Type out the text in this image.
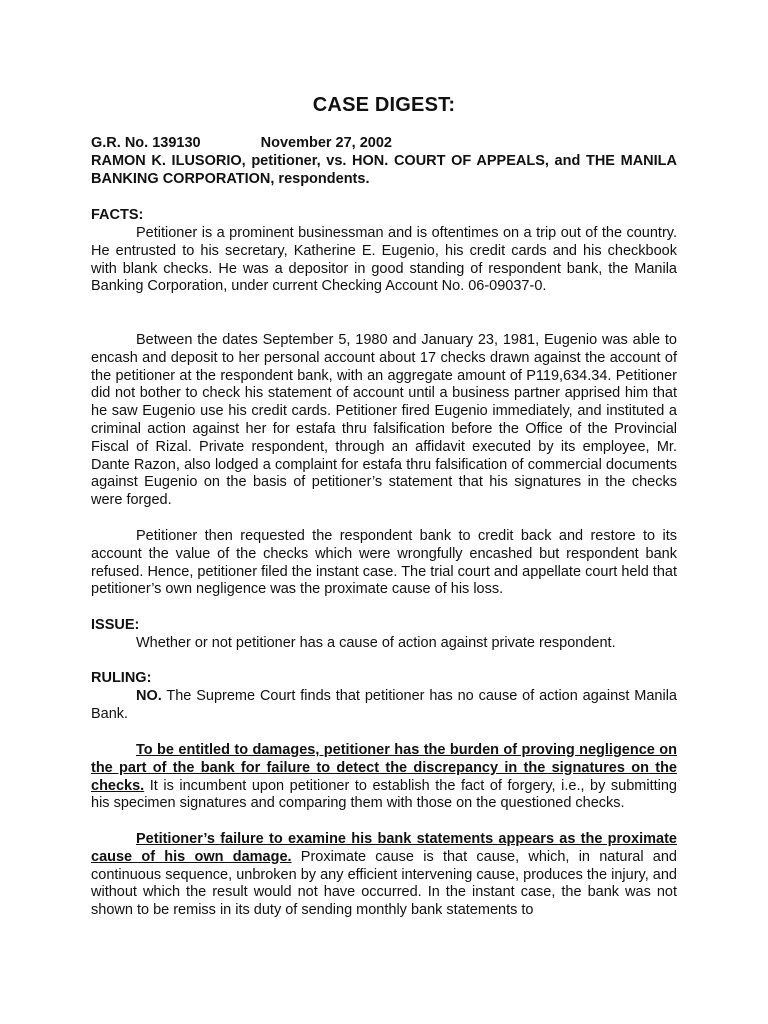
CASE DIGEST:
G.R. No. 139130	November 27, 2002
RAMON K. ILUSORIO, petitioner, vs. HON. COURT OF APPEALS, and THE MANILA BANKING CORPORATION, respondents.
FACTS:

Petitioner is a prominent businessman and is oftentimes on a trip out of the country. He entrusted to his secretary, Katherine E. Eugenio, his credit cards and his checkbook with blank checks. He was a depositor in good standing of respondent bank, the Manila Banking Corporation, under current Checking Account No. 06-09037-0.

Between the dates September 5, 1980 and January 23, 1981, Eugenio was able to encash and deposit to her personal account about 17 checks drawn against the account of the petitioner at the respondent bank, with an aggregate amount of P119,634.34. Petitioner did not bother to check his statement of account until a business partner apprised him that he saw Eugenio use his credit cards. Petitioner fired Eugenio immediately, and instituted a criminal action against her for estafa thru falsification before the Office of the Provincial Fiscal of Rizal. Private respondent, through an affidavit executed by its employee, Mr. Dante Razon, also lodged a complaint for estafa thru falsification of commercial documents against Eugenio on the basis of petitioner’s statement that his signatures in the checks were forged.

Petitioner then requested the respondent bank to credit back and restore to its account the value of the checks which were wrongfully encashed but respondent bank refused. Hence, petitioner filed the instant case. The trial court and appellate court held that petitioner’s own negligence was the proximate cause of his loss.

ISSUE:

Whether or not petitioner has a cause of action against private respondent.

RULING:

NO. The Supreme Court finds that petitioner has no cause of action against Manila Bank.

To be entitled to damages, petitioner has the burden of proving negligence on the part of the bank for failure to detect the discrepancy in the signatures on the checks. It is incumbent upon petitioner to establish the fact of forgery, i.e., by submitting his specimen signatures and comparing them with those on the questioned checks.

Petitioner’s failure to examine his bank statements appears as the proximate cause of his own damage. Proximate cause is that cause, which, in natural and continuous sequence, unbroken by any efficient intervening cause, produces the injury, and without which the result would not have occurred. In the instant case, the bank was not shown to be remiss in its duty of sending monthly bank statements to
